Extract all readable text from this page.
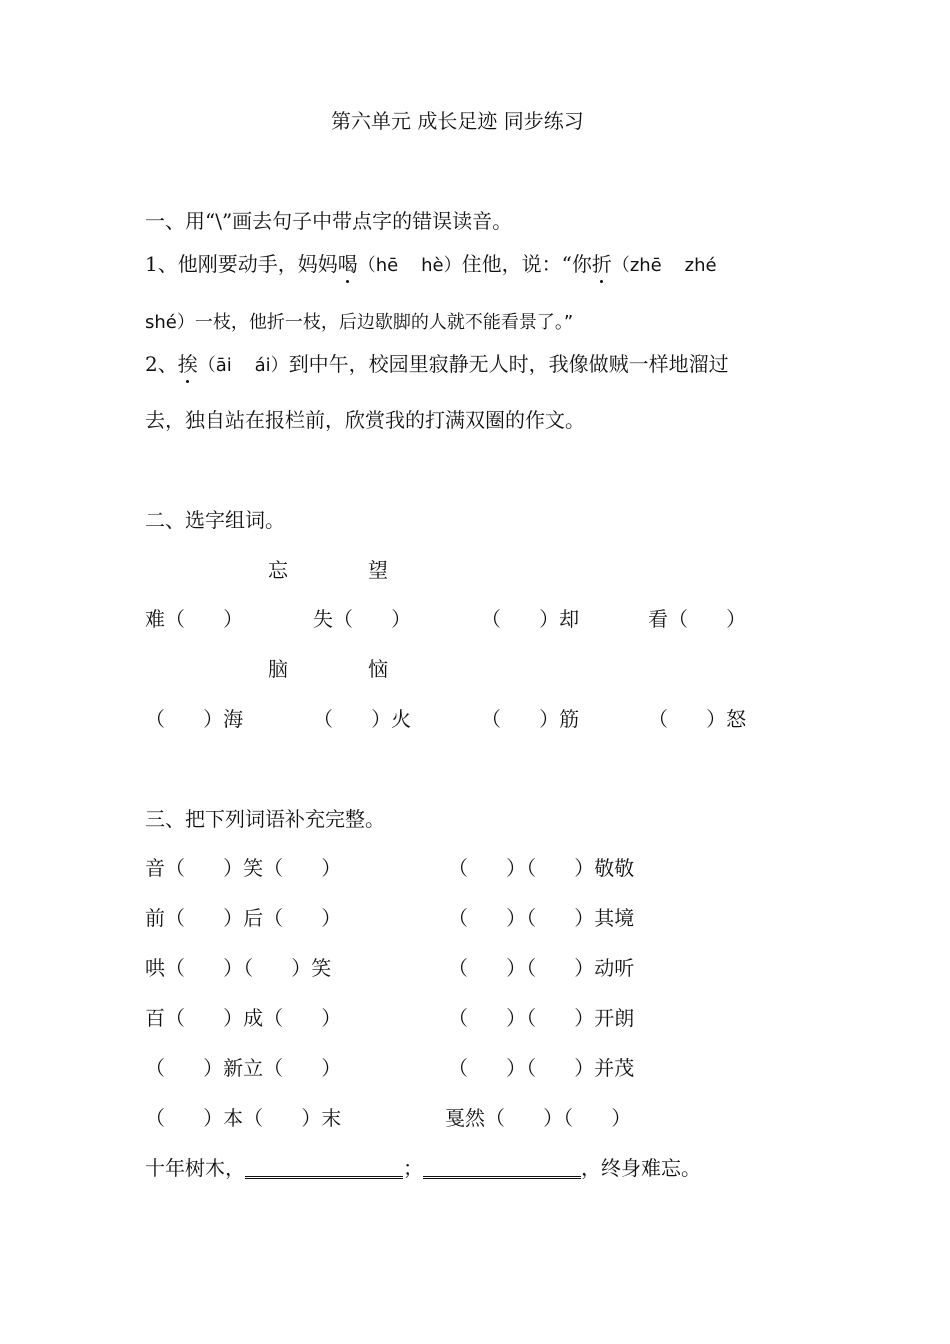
第六单元 成长足迹 同步练习
一、用“\”画去句子中带点字的错误读音。
1、他刚要动手，妈妈喝（hē    hè）住他，说：“你折（zhē    zhé
shé）一枝，他折一枝，后边歇脚的人就不能看景了。”
2、挨（āi    ái）到中午，校园里寂静无人时，我像做贼一样地溜过
去，独自站在报栏前，欣赏我的打满双圈的作文。
二、选字组词。
忘	望
难（      ）	失（      ）	（      ）却	看（      ）
脑	恼
（      ）海	（      ）火	（      ）筋	（      ）怒
三、把下列词语补充完整。
音（      ）笑（      ）	（      ）（      ）敬敬
前（      ）后（      ）	（      ）（      ）其境
哄（      ）（      ）笑	（      ）（      ）动听
百（      ）成（      ）	（      ）（      ）开朗
（      ）新立（      ）	（      ）（      ）并茂
（      ）本（      ）末	戛然（      ）（      ）
十年树木，	；	，终身难忘。
